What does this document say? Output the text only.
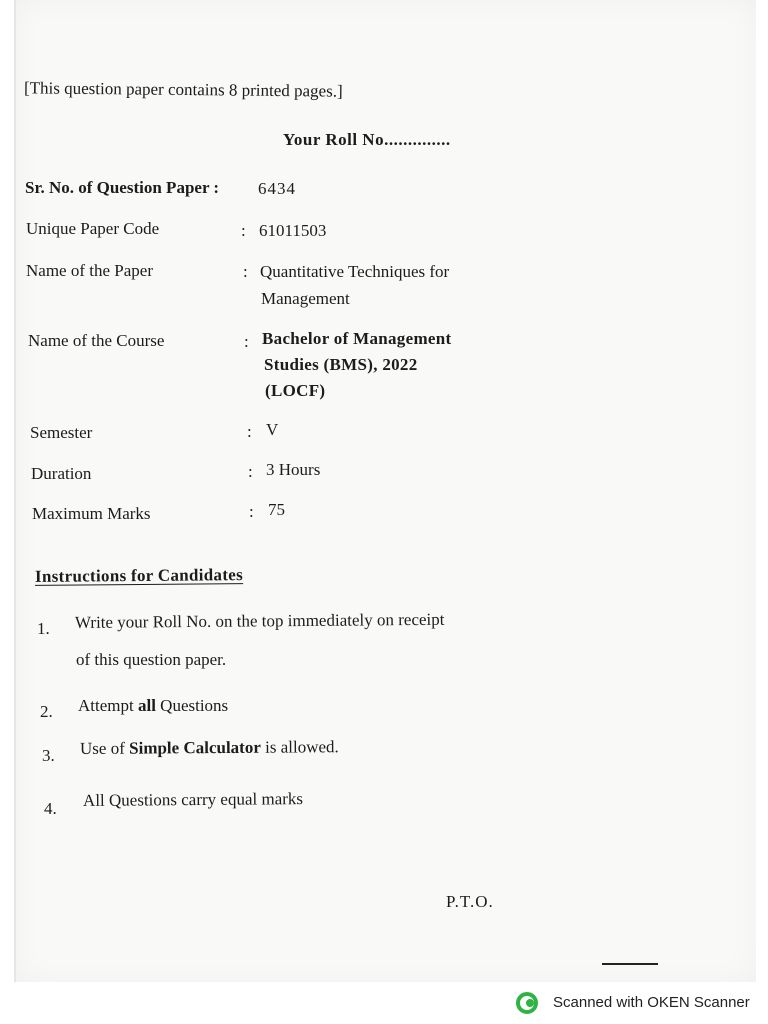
[This question paper contains 8 printed pages.]
Your Roll No..............
Sr. No. of Question Paper : 6434
Unique Paper Code	: 61011503
Name of the Paper	: Quantitative Techniques for
Management
Name of the Course	: Bachelor of Management
Studies (BMS), 2022
(LOCF)
Semester	: V
Duration	: 3 Hours
Maximum Marks	: 75
Instructions for Candidates
1. Write your Roll No. on the top immediately on receipt
of this question paper.
2. Attempt all Questions
3. Use of Simple Calculator is allowed.
4. All Questions carry equal marks
P.T.O.
Scanned with OKEN Scanner
